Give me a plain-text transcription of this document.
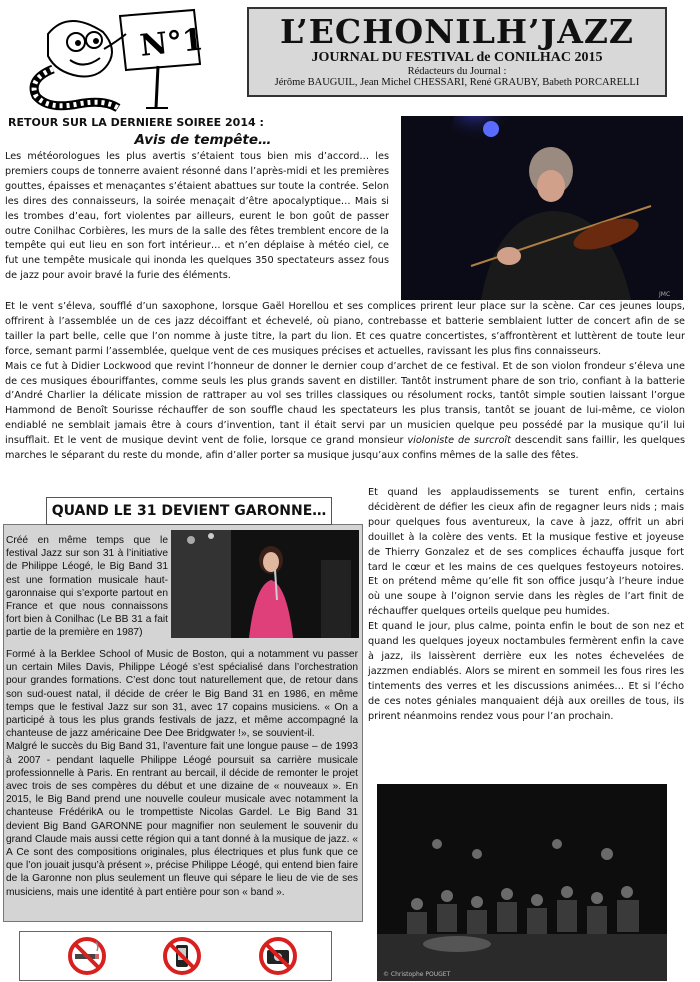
N°1	L’ECHONILH’JAZZ
JOURNAL DU FESTIVAL de CONILHAC 2015
Rédacteurs du Journal :
Jérôme BAUGUIL, Jean Michel CHESSARI, René GRAUBY, Babeth PORCARELLI
RETOUR SUR LA DERNIERE SOIREE 2014 :
Avis de tempête…
Les météorologues les plus avertis s’étaient tous bien mis d’accord… les premiers coups de tonnerre avaient résonné dans l’après-midi et les premières gouttes, épaisses et menaçantes s’étaient abattues sur toute la contrée. Selon les dires des connaisseurs, la soirée menaçait d’être apocalyptique… Mais si les trombes d’eau, fort violentes par ailleurs, eurent le bon goût de passer outre Conilhac Corbières, les murs de la salle des fêtes tremblent encore de la tempête qui eut lieu en son fort intérieur… et n’en déplaise à météo ciel, ce fut une tempête musicale qui inonda les quelques 350 spectateurs assez fous de jazz pour avoir bravé la furie des éléments.
JMC
Et le vent s’éleva, soufflé d’un saxophone, lorsque Gaël Horellou et ses complices prirent leur place sur la scène. Car ces jeunes loups, offrirent à l’assemblée un de ces jazz décoiffant et échevelé, où piano, contrebasse et batterie semblaient lutter de concert afin de se tailler la part belle, celle que l’on nomme à juste titre, la part du lion. Et ces quatre concertistes, s’affrontèrent et luttèrent de toute leur force, semant parmi l’assemblée, quelque vent de ces musiques précises et actuelles, ravissant les plus fins connaisseurs.
Mais ce fut à Didier Lockwood que revint l’honneur de donner le dernier coup d’archet de ce festival. Et de son violon frondeur s’éleva une de ces musiques ébouriffantes, comme seuls les plus grands savent en distiller. Tantôt instrument phare de son trio, confiant à la batterie d’André Charlier la délicate mission de rattraper au vol ses trilles classiques ou résolument rocks, tantôt simple soutien laissant l’orgue Hammond de Benoît Sourisse réchauffer de son souffle chaud les spectateurs les plus transis, tantôt se jouant de lui-même, ce violon endiablé ne semblait jamais être à cours d’invention, tant il était servi par un musicien quelque peu possédé par la musique qu’il lui insufflait. Et le vent de musique devint vent de folie, lorsque ce grand monsieur violoniste de surcroît descendit sans faillir, les quelques marches le séparant du reste du monde, afin d’aller porter sa musique jusqu’aux confins mêmes de la salle des fêtes.
Et quand les applaudissements se turent enfin, certains décidèrent de défier les cieux afin de regagner leurs nids ; mais pour quelques fous aventureux, la cave à jazz, offrit un abri douillet à la colère des vents. Et la musique festive et joyeuse de Thierry Gonzalez et de ses complices échauffa jusque fort tard le cœur et les mains de ces quelques festoyeurs notoires. Et on prétend même qu’elle fit son office jusqu’à l’heure indue où une soupe à l’oignon servie dans les règles de l’art finit de réchauffer quelques orteils quelque peu humides.
Et quand le jour, plus calme, pointa enfin le bout de son nez et quand les quelques joyeux noctambules fermèrent enfin la cave à jazz, ils laissèrent derrière eux les notes échevelées de jazzmen endiablés. Alors se mirent en sommeil les fous rires les tintements des verres et les discussions animées… Et si l’écho de ces notes géniales manquaient déjà aux oreilles de tous, ils prirent néanmoins rendez vous pour l’an prochain.
QUAND LE 31 DEVIENT GARONNE…
Créé en même temps que le festival Jazz sur son 31 à l’initiative de Philippe Léogé, le Big Band 31 est une formation musicale haut-garonnaise qui s’exporte partout en France et que nous connaissons fort bien à Conilhac (Le BB 31 a fait partie de la première en 1987)
Formé à la Berklee School of Music de Boston, qui a notamment vu passer un certain Miles Davis, Philippe Léogé s’est spécialisé dans l’orchestration pour grandes formations. C’est donc tout naturellement que, de retour dans son sud-ouest natal, il décide de créer le Big Band 31 en 1986, en même temps que le festival Jazz sur son 31, avec 17 copains musiciens. « On a participé à tous les plus grands festivals de jazz, et même accompagné la chanteuse de jazz américaine Dee Dee Bridgwater !», se souvient-il.
Malgré le succès du Big Band 31, l’aventure fait une longue pause – de 1993 à 2007 - pendant laquelle Philippe Léogé poursuit sa carrière musicale professionnelle à Paris. En rentrant au bercail, il décide de remonter le projet avec trois de ses compères du début et une dizaine de « nouveaux ». En 2015, le Big Band prend une nouvelle couleur musicale avec notamment la chanteuse FrédérikA ou le trompettiste Nicolas Gardel. Le Big Band 31 devient Big Band GARONNE pour magnifier non seulement le souvenir du grand Claude mais aussi cette région qui a tant donné à la musique de jazz. « A Ce sont des compositions originales, plus électriques et plus funk que ce que l’on jouait jusqu’à présent », précise Philippe Léogé, qui entend bien faire de la Garonne non plus seulement un fleuve qui sépare le lieu de vie de ses musiciens, mais une identité à part entière pour son « band ».
© Christophe POUGET
